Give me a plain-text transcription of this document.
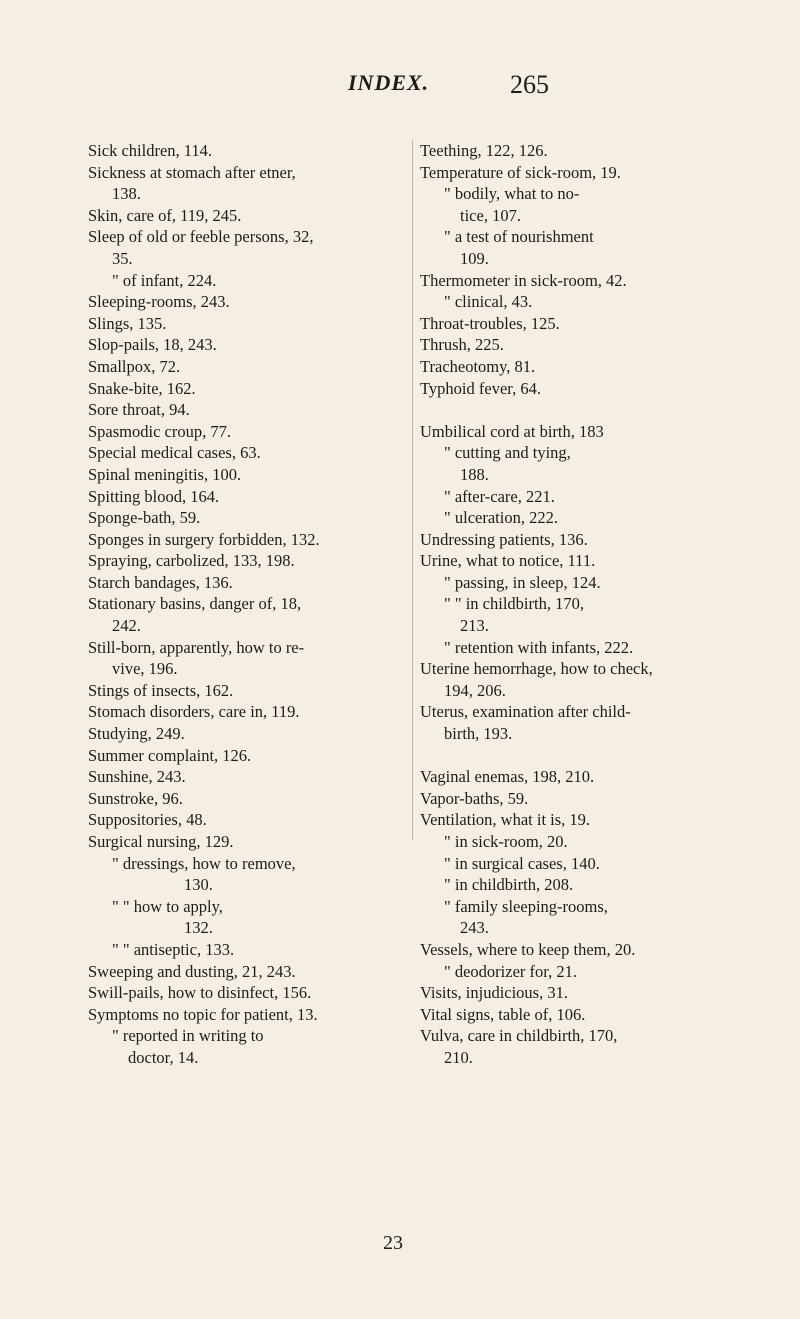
INDEX.	265
Sick children, 114.
Sickness at stomach after etner,
138.
Skin, care of, 119, 245.
Sleep of old or feeble persons, 32,
35.
" of infant, 224.
Sleeping-rooms, 243.
Slings, 135.
Slop-pails, 18, 243.
Smallpox, 72.
Snake-bite, 162.
Sore throat, 94.
Spasmodic croup, 77.
Special medical cases, 63.
Spinal meningitis, 100.
Spitting blood, 164.
Sponge-bath, 59.
Sponges in surgery forbidden, 132.
Spraying, carbolized, 133, 198.
Starch bandages, 136.
Stationary basins, danger of, 18,
242.
Still-born, apparently, how to re-
vive, 196.
Stings of insects, 162.
Stomach disorders, care in, 119.
Studying, 249.
Summer complaint, 126.
Sunshine, 243.
Sunstroke, 96.
Suppositories, 48.
Surgical nursing, 129.
" dressings, how to remove,
130.
" " how to apply,
132.
" " antiseptic, 133.
Sweeping and dusting, 21, 243.
Swill-pails, how to disinfect, 156.
Symptoms no topic for patient, 13.
" reported in writing to
doctor, 14.
Teething, 122, 126.
Temperature of sick-room, 19.
" bodily, what to no-
tice, 107.
" a test of nourishment
109.
Thermometer in sick-room, 42.
" clinical, 43.
Throat-troubles, 125.
Thrush, 225.
Tracheotomy, 81.
Typhoid fever, 64.
Umbilical cord at birth, 183
" cutting and tying,
188.
" after-care, 221.
" ulceration, 222.
Undressing patients, 136.
Urine, what to notice, 111.
" passing, in sleep, 124.
" " in childbirth, 170,
213.
" retention with infants, 222.
Uterine hemorrhage, how to check,
194, 206.
Uterus, examination after child-
birth, 193.
Vaginal enemas, 198, 210.
Vapor-baths, 59.
Ventilation, what it is, 19.
" in sick-room, 20.
" in surgical cases, 140.
" in childbirth, 208.
" family sleeping-rooms,
243.
Vessels, where to keep them, 20.
" deodorizer for, 21.
Visits, injudicious, 31.
Vital signs, table of, 106.
Vulva, care in childbirth, 170,
210.
23
